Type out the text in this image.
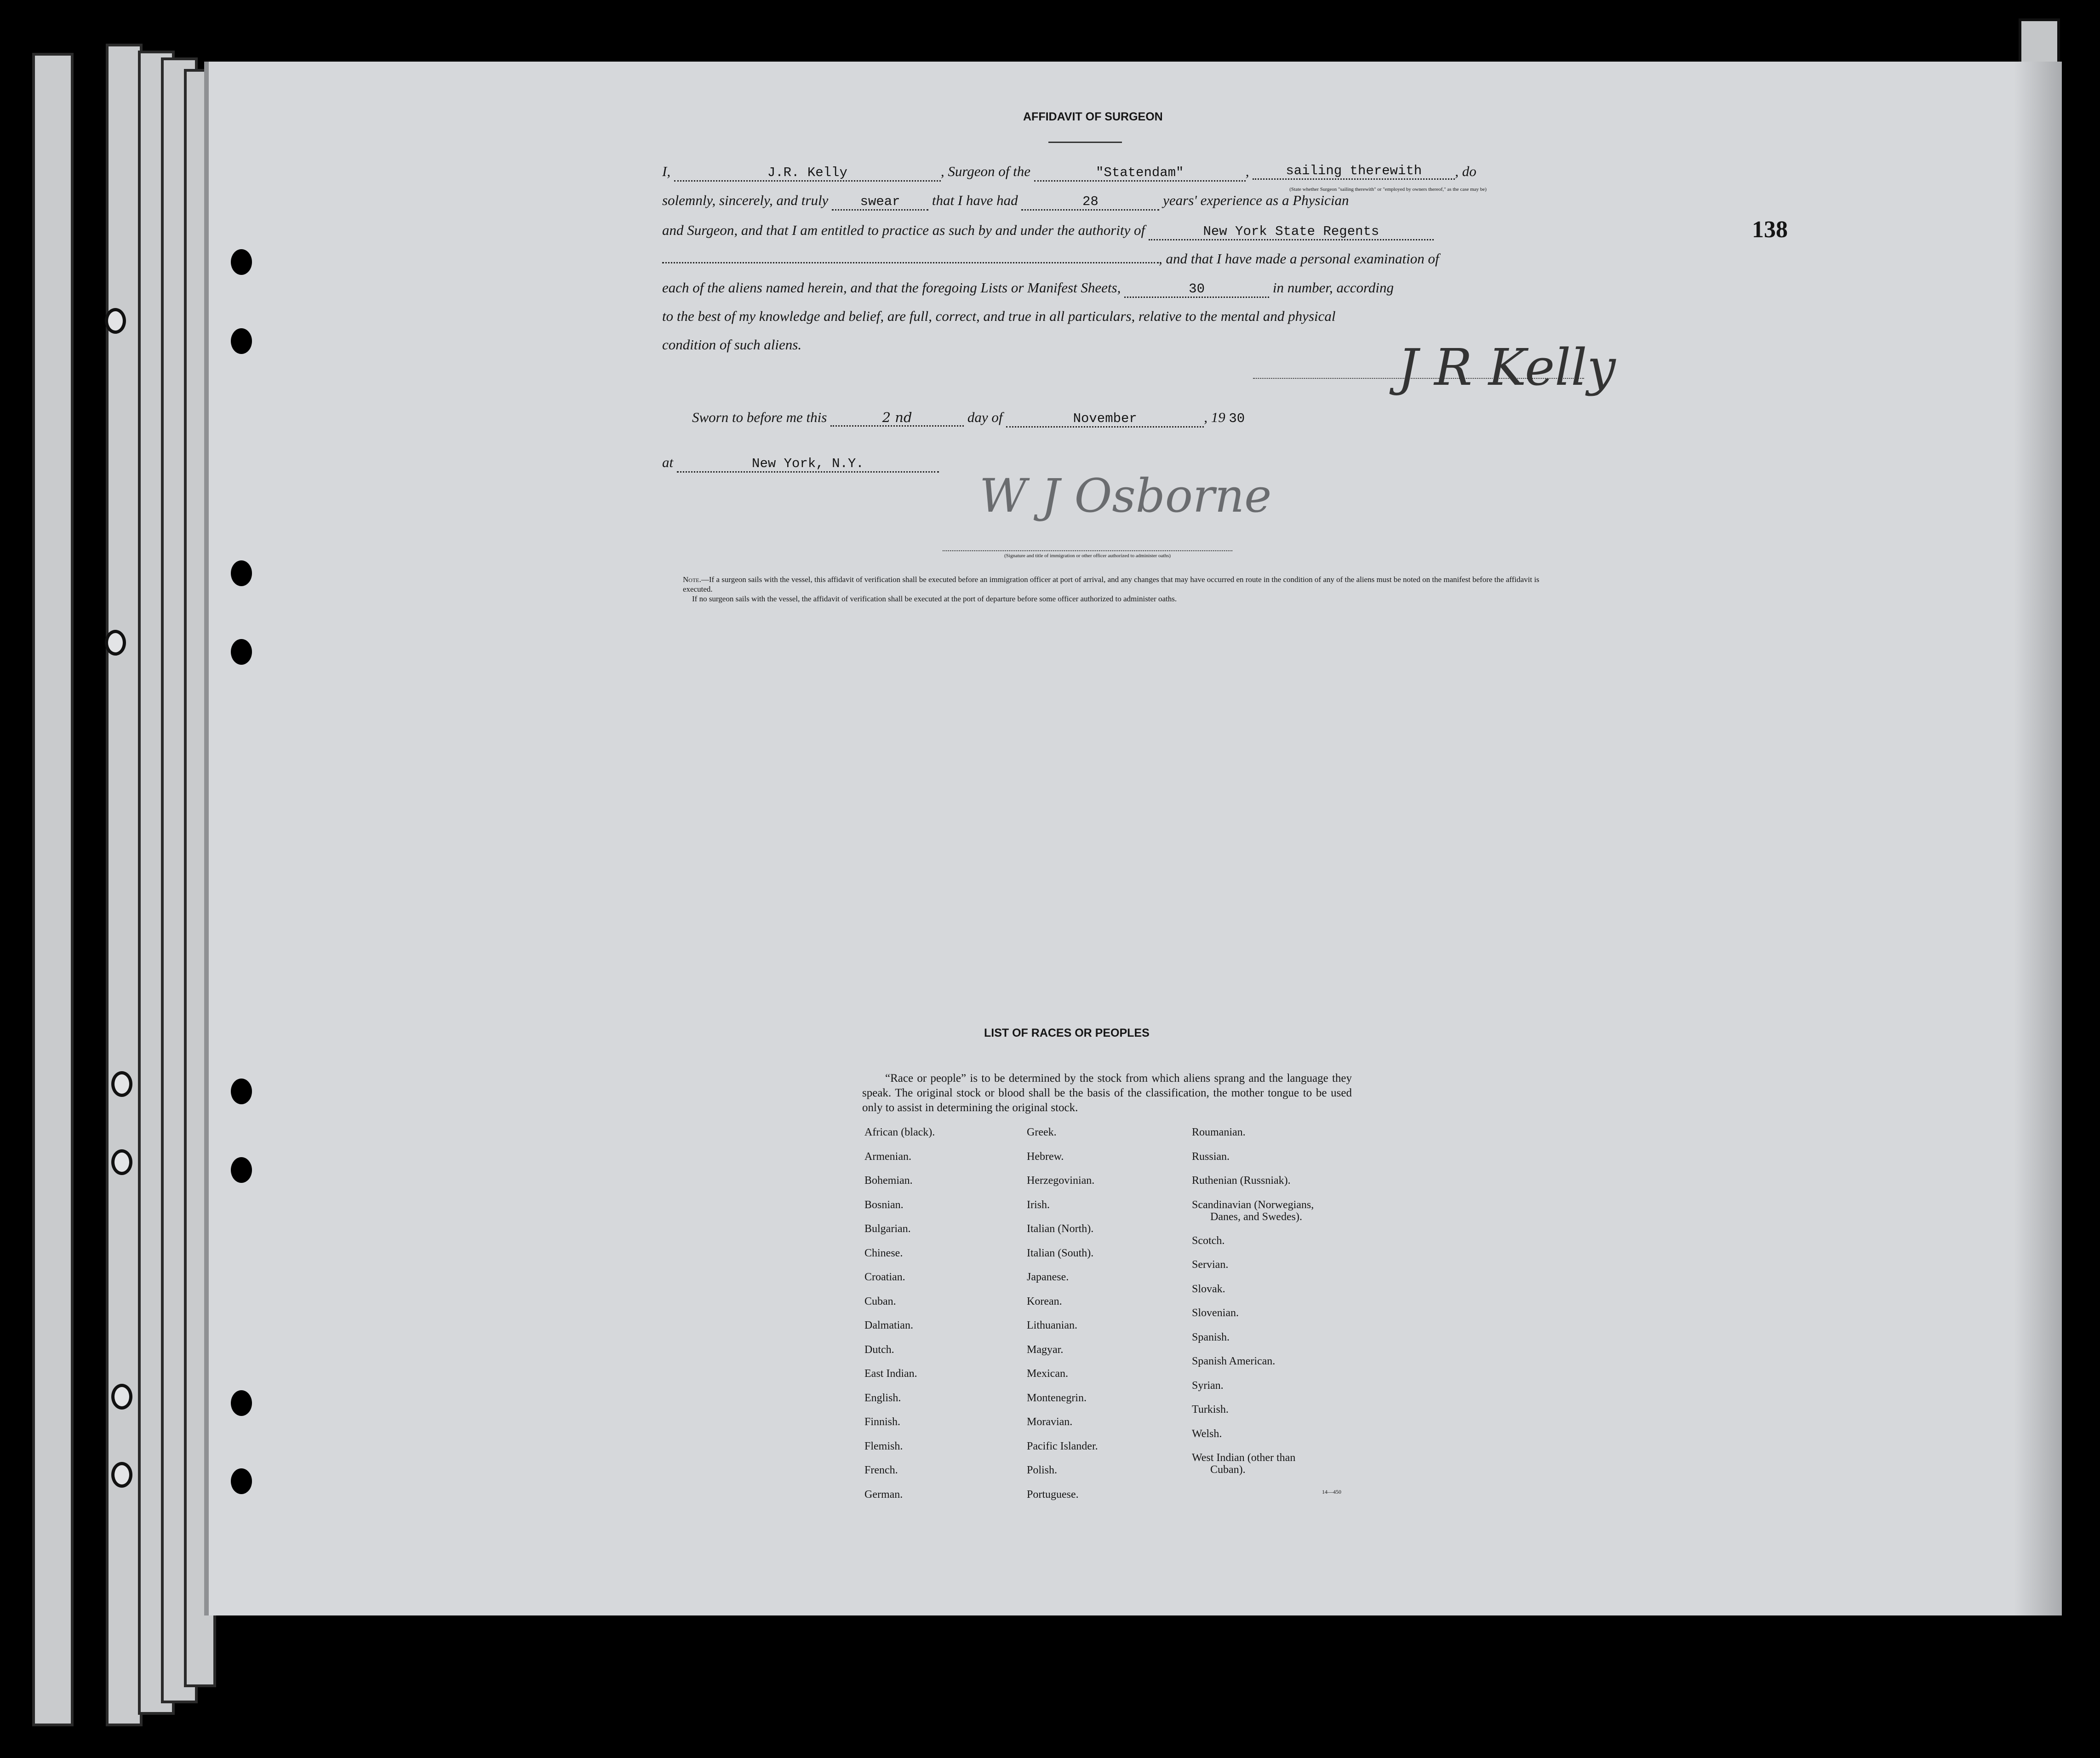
138
AFFIDAVIT OF SURGEON
I,	J.R. Kelly	, Surgeon of the	"Statendam"	,	sailing therewith
(State whether Surgeon "sailing therewith" or "employed by owners thereof," as the case may be), do
solemnly, sincerely, and truly swear that I have had	28	years' experience as a Physician
and Surgeon, and that I am entitled to practice as such by and under the authority of	New York State Regents
, and that I have made a personal examination of
each of the aliens named herein, and that the foregoing Lists or Manifest Sheets,	30	in number, according
to the best of my knowledge and belief, are full, correct, and true in all particulars, relative to the mental and physical
condition of such aliens.	J R Kelly
Sworn to before me this	2 nd	day of	November	, 19 30
at	New York, N.Y.
W J Osborne
(Signature and title of immigration or other officer authorized to administer oaths)
Note.—If a surgeon sails with the vessel, this affidavit of verification shall be executed before an immigration officer at port of arrival, and any changes that may have occurred en route in the condition of any of the aliens must be noted on the manifest before the affidavit is executed.
If no surgeon sails with the vessel, the affidavit of verification shall be executed at the port of departure before some officer authorized to administer oaths.
LIST OF RACES OR PEOPLES
“Race or people” is to be determined by the stock from which aliens sprang and the language they speak. The original stock or blood shall be the basis of the classification, the mother tongue to be used only to assist in determining the original stock.
African (black).
Armenian.
Bohemian.
Bosnian.
Bulgarian.
Chinese.
Croatian.
Cuban.
Dalmatian.
Dutch.
East Indian.
English.
Finnish.
Flemish.
French.
German.
Greek.
Hebrew.
Herzegovinian.
Irish.
Italian (North).
Italian (South).
Japanese.
Korean.
Lithuanian.
Magyar.
Mexican.
Montenegrin.
Moravian.
Pacific Islander.
Polish.
Portuguese.
Roumanian.
Russian.
Ruthenian (Russniak).
Scandinavian (Norwegians,
Danes, and Swedes).
Scotch.
Servian.
Slovak.
Slovenian.
Spanish.
Spanish American.
Syrian.
Turkish.
Welsh.
West Indian (other than
Cuban).
14—450
